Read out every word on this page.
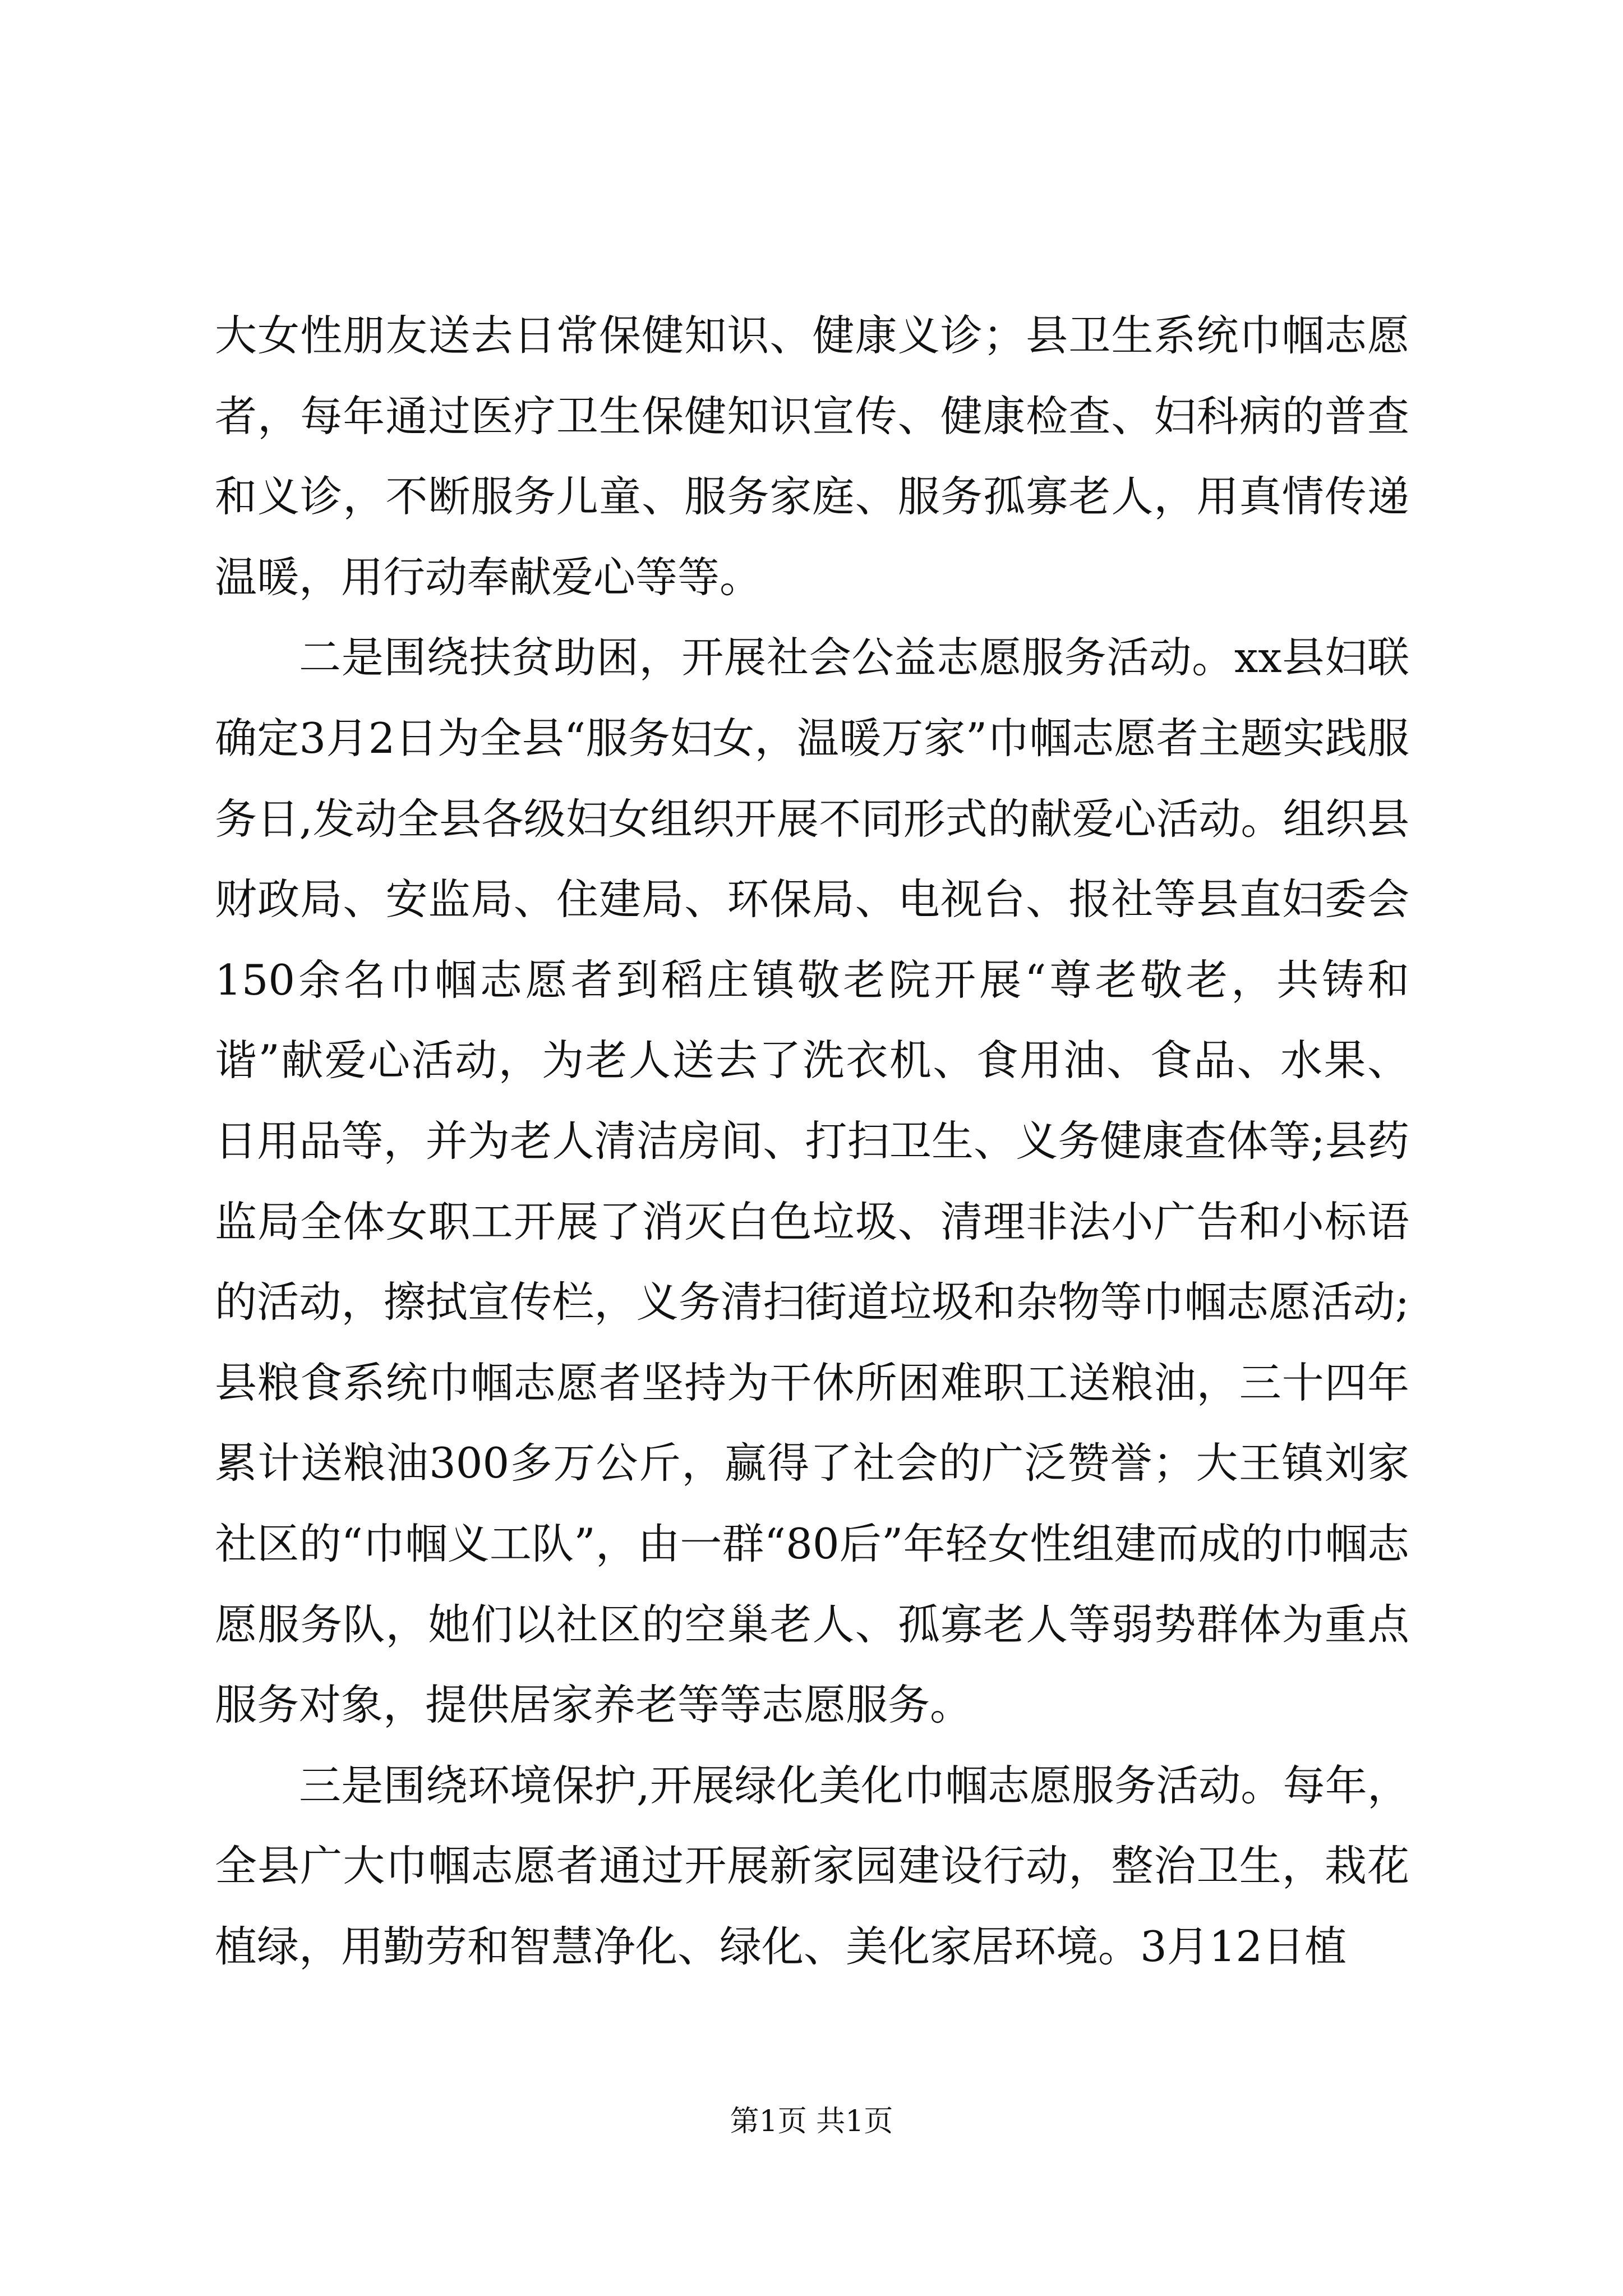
大女性朋友送去日常保健知识、健康义诊；县卫生系统巾帼志愿者，每年通过医疗卫生保健知识宣传、健康检查、妇科病的普查和义诊，不断服务儿童、服务家庭、服务孤寡老人，用真情传递温暖，用行动奉献爱心等等。

二是围绕扶贫助困，开展社会公益志愿服务活动。xx县妇联确定3月2日为全县“服务妇女，温暖万家”巾帼志愿者主题实践服务日,发动全县各级妇女组织开展不同形式的献爱心活动。组织县财政局、安监局、住建局、环保局、电视台、报社等县直妇委会150余名巾帼志愿者到稻庄镇敬老院开展“尊老敬老，共铸和谐”献爱心活动，为老人送去了洗衣机、食用油、食品、水果、日用品等，并为老人清洁房间、打扫卫生、义务健康查体等;县药监局全体女职工开展了消灭白色垃圾、清理非法小广告和小标语的活动，擦拭宣传栏，义务清扫街道垃圾和杂物等巾帼志愿活动;县粮食系统巾帼志愿者坚持为干休所困难职工送粮油，三十四年累计送粮油300多万公斤，赢得了社会的广泛赞誉；大王镇刘家社区的“巾帼义工队”，由一群“80后”年轻女性组建而成的巾帼志愿服务队，她们以社区的空巢老人、孤寡老人等弱势群体为重点服务对象，提供居家养老等等志愿服务。

三是围绕环境保护,开展绿化美化巾帼志愿服务活动。每年，全县广大巾帼志愿者通过开展新家园建设行动，整治卫生，栽花植绿，用勤劳和智慧净化、绿化、美化家居环境。3月12日植

第1页 共1页
